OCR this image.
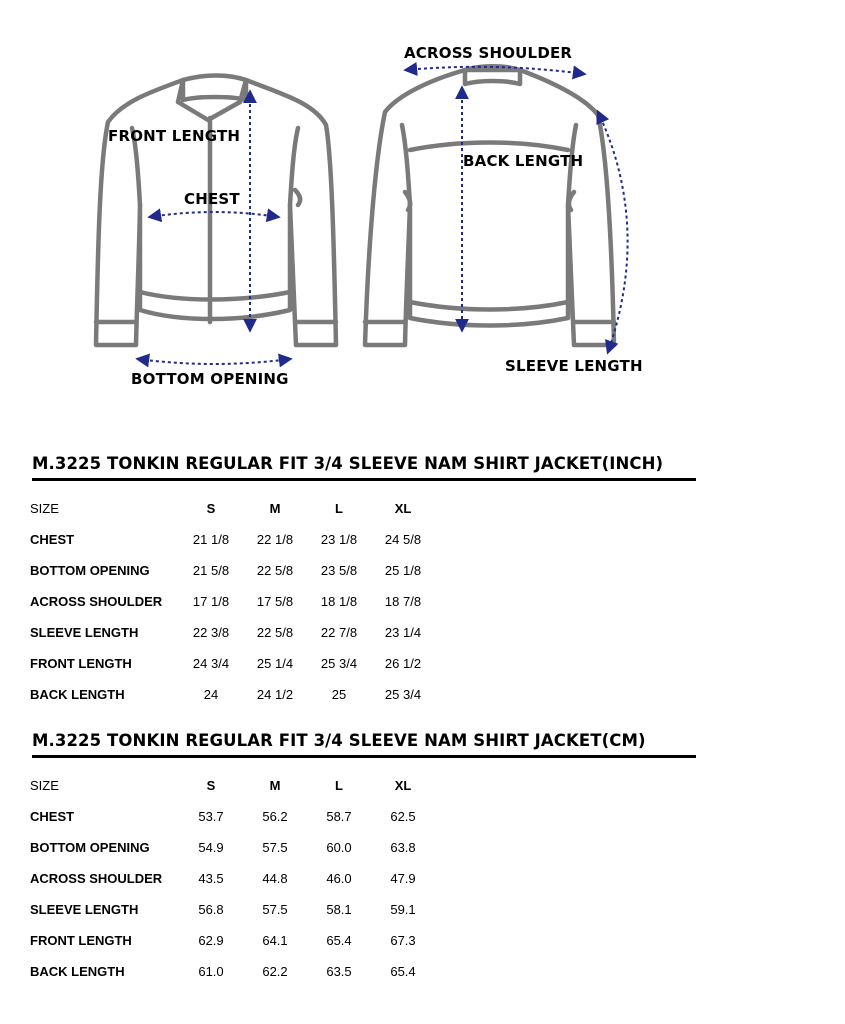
FRONT LENGTH
CHEST
BOTTOM OPENING
ACROSS SHOULDER
BACK LENGTH
SLEEVE LENGTH
M.3225 TONKIN REGULAR FIT 3/4 SLEEVE NAM SHIRT JACKET(INCH)
SIZE	S	M	L	XL
CHEST	21 1/8	22 1/8	23 1/8	24 5/8
BOTTOM OPENING	21 5/8	22 5/8	23 5/8	25 1/8
ACROSS SHOULDER	17 1/8	17 5/8	18 1/8	18 7/8
SLEEVE LENGTH	22 3/8	22 5/8	22 7/8	23 1/4
FRONT LENGTH	24 3/4	25 1/4	25 3/4	26 1/2
BACK LENGTH	24	24 1/2	25	25 3/4
M.3225 TONKIN REGULAR FIT 3/4 SLEEVE NAM SHIRT JACKET(CM)
SIZE	S	M	L	XL
CHEST	53.7	56.2	58.7	62.5
BOTTOM OPENING	54.9	57.5	60.0	63.8
ACROSS SHOULDER	43.5	44.8	46.0	47.9
SLEEVE LENGTH	56.8	57.5	58.1	59.1
FRONT LENGTH	62.9	64.1	65.4	67.3
BACK LENGTH	61.0	62.2	63.5	65.4
